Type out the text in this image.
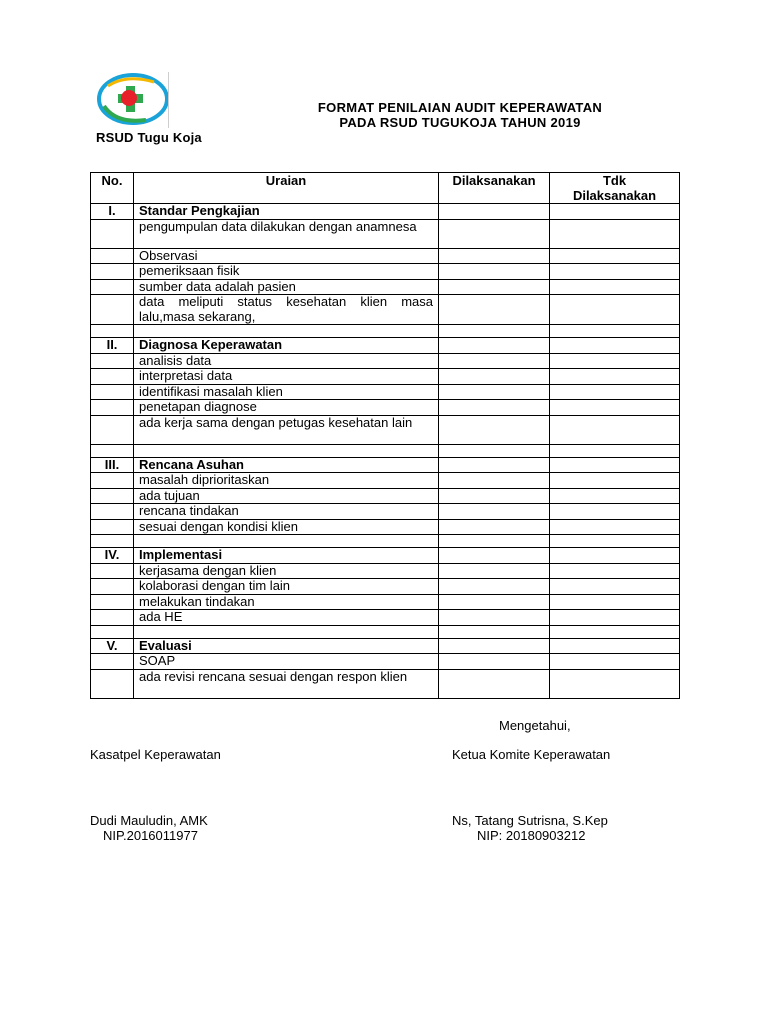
RSUD Tugu Koja
FORMAT PENILAIAN AUDIT KEPERAWATAN
PADA RSUD TUGUKOJA TAHUN 2019
No.	Uraian	Dilaksanakan	Tdk
Dilaksanakan
I.	Standar Pengkajian		
	pengumpulan data dilakukan dengan anamnesa		
	Observasi		
	pemeriksaan fisik		
	sumber data adalah pasien		
	data meliputi status kesehatan klien masa lalu,masa sekarang,		

II.	Diagnosa Keperawatan		
	analisis data		
	interpretasi data		
	identifikasi masalah klien		
	penetapan diagnose		
	ada kerja sama dengan petugas kesehatan lain		

III.	Rencana Asuhan		
	masalah diprioritaskan		
	ada tujuan		
	rencana tindakan		
	sesuai dengan kondisi klien		

IV.	Implementasi		
	kerjasama dengan klien		
	kolaborasi dengan tim lain		
	melakukan tindakan		
	ada HE		

V.	Evaluasi		
	SOAP		
	ada revisi rencana sesuai dengan respon klien		
Mengetahui,
Kasatpel Keperawatan	Ketua Komite Keperawatan
Dudi Mauludin, AMK
NIP.2016011977
Ns, Tatang Sutrisna, S.Kep
NIP: 20180903212
